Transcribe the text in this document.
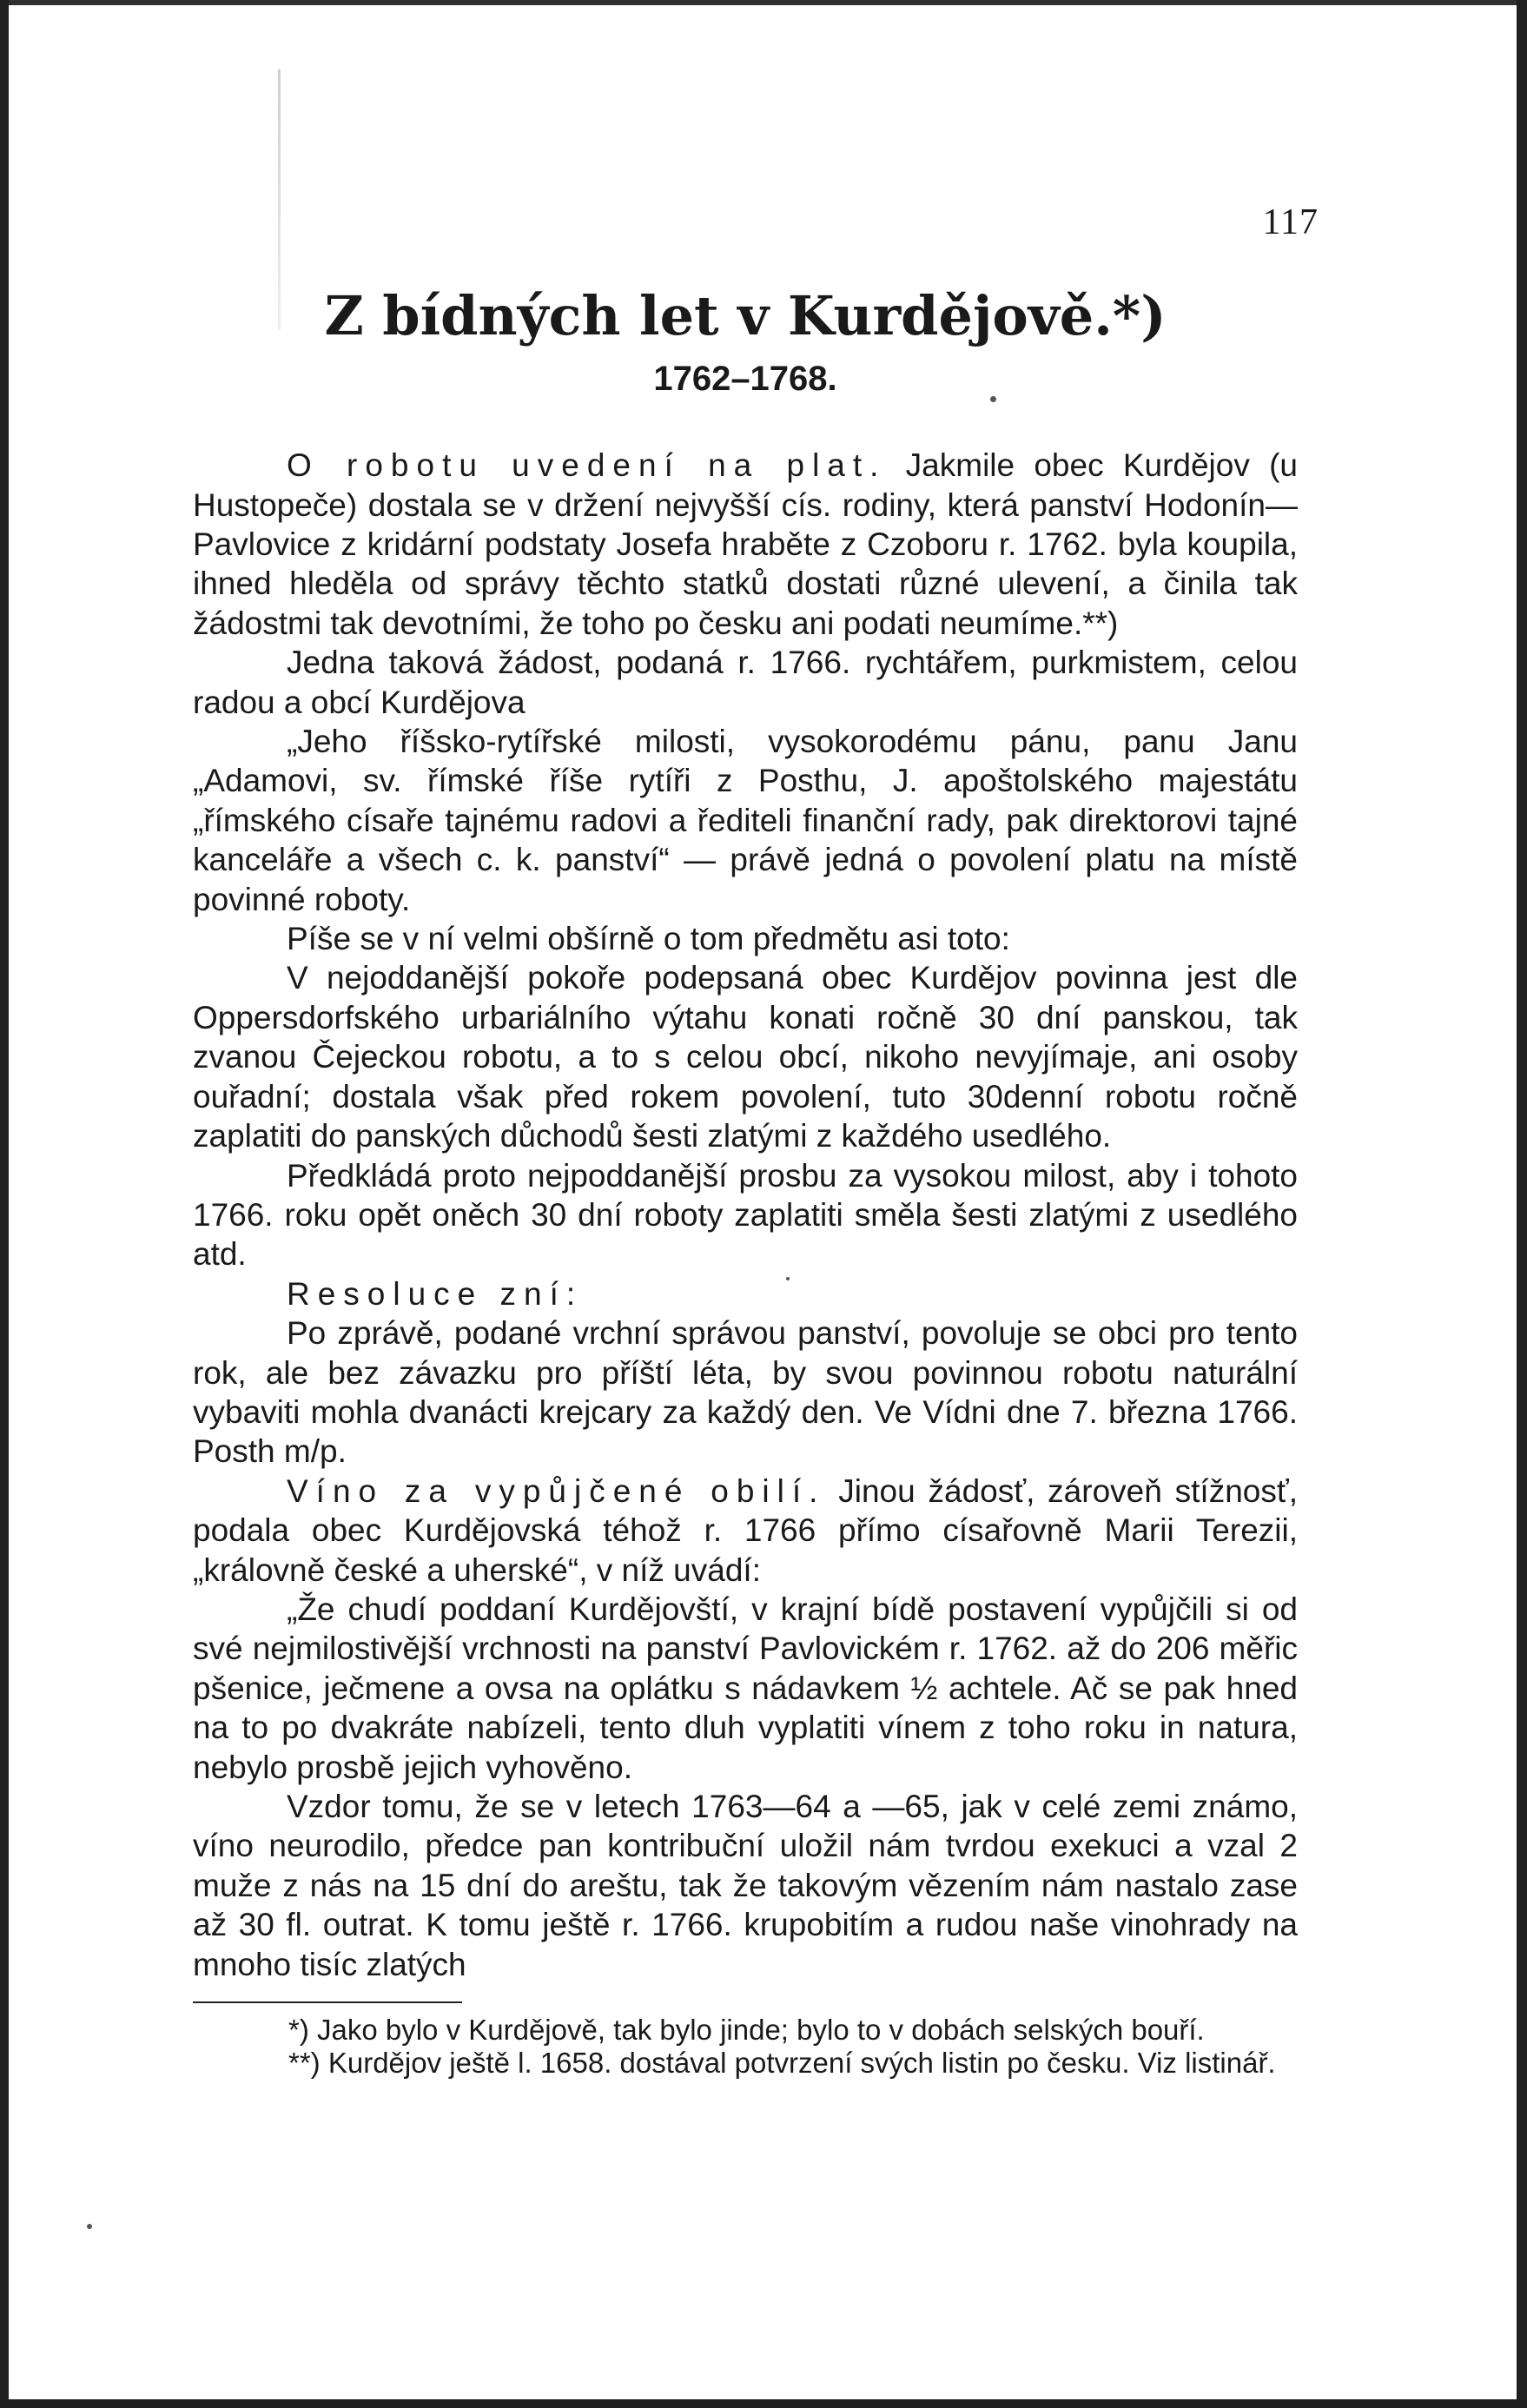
117
Z bídných let v Kurdějově.*)
1762–1768.

O robotu uvedení na plat. Jakmile obec Kurdějov (u Hustopeče) dostala se v držení nejvyšší cís. rodiny, která panství Hodonín—Pavlovice z kridární podstaty Josefa hraběte z Czoboru r. 1762. byla koupila, ihned hleděla od správy těchto statků dostati různé ulevení, a činila tak žádostmi tak devotními, že toho po česku ani podati neumíme.**)

Jedna taková žádost, podaná r. 1766. rychtářem, purkmistem, celou radou a obcí Kurdějova

„Jeho říšsko-rytířské milosti, vysokorodému pánu, panu Janu „Adamovi, sv. římské říše rytíři z Posthu, J. apoštolského majestátu „římského císaře tajnému radovi a řediteli finanční rady, pak direktorovi tajné kanceláře a všech c. k. panství“ — právě jedná o povolení platu na místě povinné roboty.

Píše se v ní velmi obšírně o tom předmětu asi toto:

V nejoddanější pokoře podepsaná obec Kurdějov povinna jest dle Oppersdorfského urbariálního výtahu konati ročně 30 dní panskou, tak zvanou Čejeckou robotu, a to s celou obcí, nikoho nevyjímaje, ani osoby ouřadní; dostala však před rokem povolení, tuto 30denní robotu ročně zaplatiti do panských důchodů šesti zlatými z každého usedlého.

Předkládá proto nejpoddanější prosbu za vysokou milost, aby i tohoto 1766. roku opět oněch 30 dní roboty zaplatiti směla šesti zlatými z usedlého atd.

Resoluce zní:

Po zprávě, podané vrchní správou panství, povoluje se obci pro tento rok, ale bez závazku pro příští léta, by svou povinnou robotu naturální vybaviti mohla dvanácti krejcary za každý den. Ve Vídni dne 7. března 1766. Posth m/p.

Víno za vypůjčené obilí. Jinou žádosť, zároveň stížnosť, podala obec Kurdějovská téhož r. 1766 přímo císařovně Marii Terezii, „královně české a uherské“, v níž uvádí:

„Že chudí poddaní Kurdějovští, v krajní bídě postavení vypůjčili si od své nejmilostivější vrchnosti na panství Pavlovickém r. 1762. až do 206 měřic pšenice, ječmene a ovsa na oplátku s nádavkem ½ achtele. Ač se pak hned na to po dvakráte nabízeli, tento dluh vyplatiti vínem z toho roku in natura, nebylo prosbě jejich vyhověno.

Vzdor tomu, že se v letech 1763—64 a —65, jak v celé zemi známo, víno neurodilo, předce pan kontribuční uložil nám tvrdou exekuci a vzal 2 muže z nás na 15 dní do areštu, tak že takovým vězením nám nastalo zase až 30 fl. outrat. K tomu ještě r. 1766. krupobitím a rudou naše vinohrady na mnoho tisíc zlatých

*) Jako bylo v Kurdějově, tak bylo jinde; bylo to v dobách selských bouří.

**) Kurdějov ještě l. 1658. dostával potvrzení svých listin po česku. Viz listinář.
